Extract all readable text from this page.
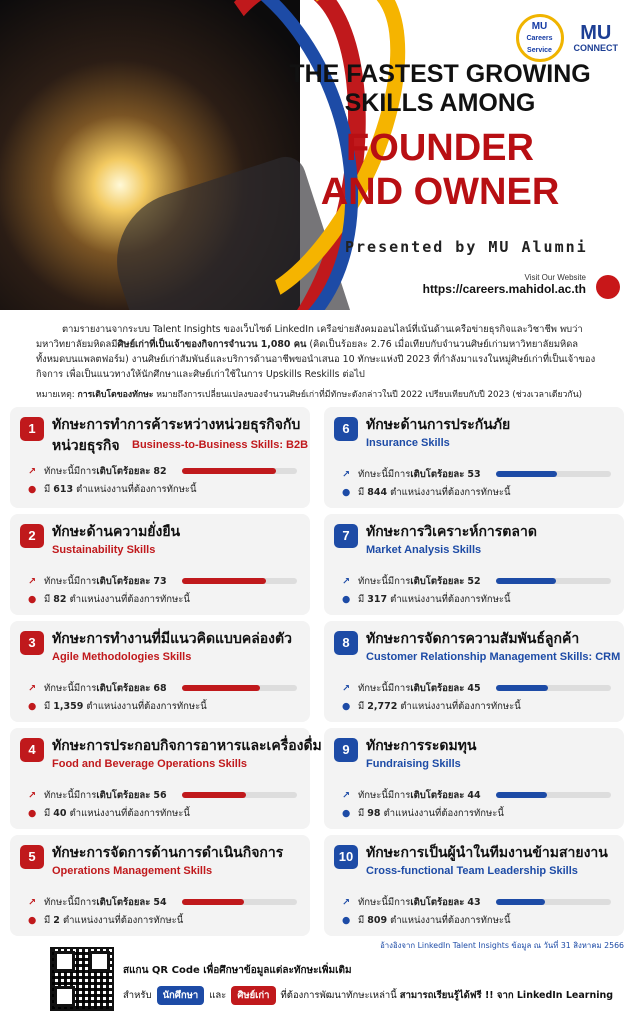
MU
Careers Service
MU
CONNECT
THE FASTEST GROWING
SKILLS AMONG
FOUNDER
AND OWNER
Presented by MU Alumni
Visit Our Website
https://careers.mahidol.ac.th
ตามรายงานจากระบบ Talent Insights ของเว็บไซต์ LinkedIn เครือข่ายสังคมออนไลน์ที่เน้นด้านเครือข่ายธุรกิจและวิชาชีพ พบว่ามหาวิทยาลัยมหิดลมีศิษย์เก่าที่เป็นเจ้าของกิจการจำนวน 1,080 คน (คิดเป็นร้อยละ 2.76 เมื่อเทียบกับจำนวนศิษย์เก่ามหาวิทยาลัยมหิดล ทั้งหมดบนแพลตฟอร์ม) งานศิษย์เก่าสัมพันธ์และบริการด้านอาชีพขอนำเสนอ 10 ทักษะแห่งปี 2023 ที่กำลังมาแรงในหมู่ศิษย์เก่าที่เป็นเจ้าของกิจการ เพื่อเป็นแนวทางให้นักศึกษาและศิษย์เก่าใช้ในการ Upskills Reskills ต่อไป
หมายเหตุ: การเติบโตของทักษะ หมายถึงการเปลี่ยนแปลงของจำนวนศิษย์เก่าที่มีทักษะดังกล่าวในปี 2022 เปรียบเทียบกับปี 2023 (ช่วงเวลาเดียวกัน)
1	ทักษะการทำการค้าระหว่างหน่วยธุรกิจกับ
หน่วยธุรกิจ	Business-to-Business Skills: B2B
↗ ทักษะนี้มีการ เติบโตร้อยละ
82
● มี
613
ตำแหน่งงานที่ต้องการทักษะนี้
2	ทักษะด้านความยั่งยืน
Sustainability Skills
↗ ทักษะนี้มีการ เติบโตร้อยละ
73
● มี
82
ตำแหน่งงานที่ต้องการทักษะนี้
3	ทักษะการทำงานที่มีแนวคิดแบบคล่องตัว
Agile Methodologies Skills
↗ ทักษะนี้มีการ เติบโตร้อยละ
68
● มี
1,359
ตำแหน่งงานที่ต้องการทักษะนี้
4	ทักษะการประกอบกิจการอาหารและเครื่องดื่ม
Food and Beverage Operations Skills
↗ ทักษะนี้มีการ เติบโตร้อยละ
56
● มี
40
ตำแหน่งงานที่ต้องการทักษะนี้
5	ทักษะการจัดการด้านการดำเนินกิจการ
Operations Management Skills
↗ ทักษะนี้มีการ เติบโตร้อยละ
54
● มี
2
ตำแหน่งงานที่ต้องการทักษะนี้
6	ทักษะด้านการประกันภัย
Insurance Skills
↗ ทักษะนี้มีการ เติบโตร้อยละ
53
● มี
844
ตำแหน่งงานที่ต้องการทักษะนี้
7	ทักษะการวิเคราะห์การตลาด
Market Analysis Skills
↗ ทักษะนี้มีการ เติบโตร้อยละ
52
● มี
317
ตำแหน่งงานที่ต้องการทักษะนี้
8	ทักษะการจัดการความสัมพันธ์ลูกค้า
Customer Relationship Management Skills: CRM
↗ ทักษะนี้มีการ เติบโตร้อยละ
45
● มี
2,772
ตำแหน่งงานที่ต้องการทักษะนี้
9	ทักษะการระดมทุน
Fundraising Skills
↗ ทักษะนี้มีการ เติบโตร้อยละ
44
● มี
98
ตำแหน่งงานที่ต้องการทักษะนี้
10 ทักษะการเป็นผู้นำในทีมงานข้ามสายงาน
Cross-functional Team Leadership Skills
↗ ทักษะนี้มีการ เติบโตร้อยละ
43
● มี
809
ตำแหน่งงานที่ต้องการทักษะนี้
อ้างอิงจาก LinkedIn Talent Insights ข้อมูล ณ วันที่ 31 สิงหาคม 2566
สแกน QR Code เพื่อศึกษาข้อมูลแต่ละทักษะเพิ่มเติม
สำหรับ นักศึกษา และ ศิษย์เก่า ที่ต้องการพัฒนาทักษะเหล่านี้ สามารถเรียนรู้ได้ฟรี !! จาก LinkedIn Learning
